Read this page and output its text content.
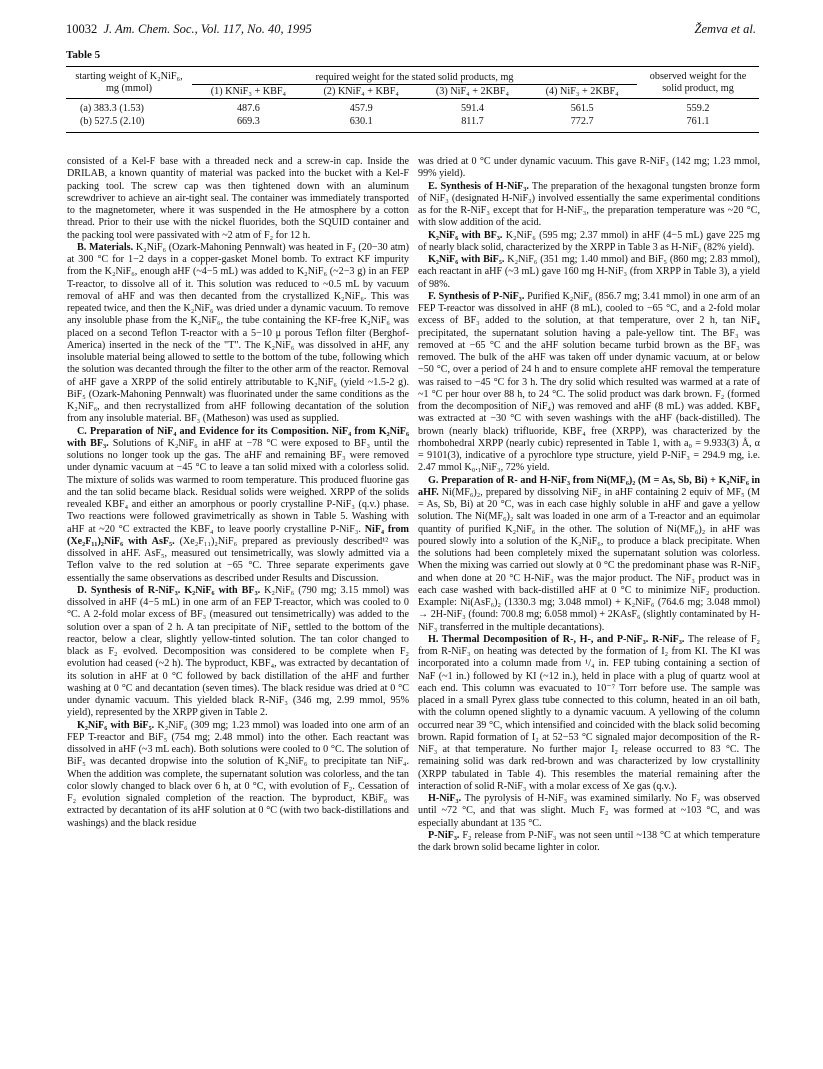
10032 J. Am. Chem. Soc., Vol. 117, No. 40, 1995	Žemva et al.
Table 5
starting weight of K₂NiF₆, mg (mmol)	required weight for the stated solid products, mg				observed weight for the solid product, mg
	(1) KNiF₃ + KBF₄	(2) KNiF₄ + KBF₄	(3) NiF₄ + 2KBF₄	(4) NiF₃ + 2KBF₄	
(a) 383.3 (1.53)	487.6	457.9	591.4	561.5	559.2
(b) 527.5 (2.10)	669.3	630.1	811.7	772.7	761.1

consisted of a Kel-F base with a threaded neck and a screw-in cap. Inside the DRILAB, a known quantity of material was packed into the bucket with a Kel-F packing tool. The screw cap was then tightened down with an aluminum screwdriver to achieve an air-tight seal. The container was immediately transported to the magnetometer, where it was suspended in the He atmosphere by a cotton thread. Prior to their use with the nickel fluorides, both the SQUID container and the packing tool were passivated with ~2 atm of F₂ for 12 h.

B. Materials. K₂NiF₆ (Ozark-Mahoning Pennwalt) was heated in F₂ (20−30 atm) at 300 °C for 1−2 days in a copper-gasket Monel bomb. To extract KF impurity from the K₂NiF₆, enough aHF (~4−5 mL) was added to K₂NiF₆ (~2−3 g) in an FEP T-reactor, to dissolve all of it. This solution was reduced to ~0.5 mL by vacuum removal of aHF and was then decanted from the crystallized K₂NiF₆. This was repeated twice, and then the K₂NiF₆ was dried under a dynamic vacuum. To remove any insoluble phase from the K₂NiF₆, the tube containing the KF-free K₂NiF₆ was placed on a second Teflon T-reactor with a 5−10 μ porous Teflon filter (Berghof-America) inserted in the neck of the "T". The K₂NiF₆ was dissolved in aHF, any insoluble material being allowed to settle to the bottom of the tube, following which the solution was decanted through the filter to the other arm of the reactor. Removal of aHF gave a XRPP of the solid entirely attributable to K₂NiF₆ (yield ~1.5-2 g). BiF₅ (Ozark-Mahoning Pennwalt) was fluorinated under the same conditions as the K₂NiF₆, and then recrystallized from aHF following decantation of the solution from any insoluble material. BF₃ (Matheson) was used as supplied.

C. Preparation of NiF₄ and Evidence for its Composition. NiF₄ from K₂NiF₆ with BF₃. Solutions of K₂NiF₆ in aHF at −78 °C were exposed to BF₃ until the solutions no longer took up the gas. The aHF and remaining BF₃ were removed under dynamic vacuum at −45 °C to leave a tan solid mixed with a colorless solid. The mixture of solids was warmed to room temperature. This produced fluorine gas and the tan solid became black. Residual solids were weighed. XRPP of the solids revealed KBF₄ and either an amorphous or poorly crystalline P-NiF₃ (q.v.) phase. Two reactions were followed gravimetrically as shown in Table 5. Washing with aHF at ~20 °C extracted the KBF₄ to leave poorly crystalline P-NiF₃. NiF₄ from (Xe₂F₁₁)₂NiF₆ with AsF₅. (Xe₂F₁₁)₂NiF₆ prepared as previously described¹² was dissolved in aHF. AsF₅, measured out tensimetrically, was slowly admitted via a Teflon valve to the red solution at −65 °C. Three separate experiments gave essentially the same observations as described under Results and Discussion.

D. Synthesis of R-NiF₃. K₂NiF₆ with BF₃. K₂NiF₆ (790 mg; 3.15 mmol) was dissolved in aHF (4−5 mL) in one arm of an FEP T-reactor, which was cooled to 0 °C. A 2-fold molar excess of BF₃ (measured out tensimetrically) was added to the solution over a span of 2 h. A tan precipitate of NiF₄ settled to the bottom of the reactor, below a clear, slightly yellow-tinted solution. The tan color changed to black as F₂ evolved. Decomposition was considered to be complete when F₂ evolution had ceased (~2 h). The byproduct, KBF₄, was extracted by decantation of its solution in aHF at 0 °C followed by back distillation of the aHF and further washing at 0 °C and decantation (seven times). The black residue was dried at 0 °C under dynamic vacuum. This yielded black R-NiF₃ (346 mg, 2.99 mmol, 95% yield), represented by the XRPP given in Table 2.

K₂NiF₆ with BiF₅. K₂NiF₆ (309 mg; 1.23 mmol) was loaded into one arm of an FEP T-reactor and BiF₅ (754 mg; 2.48 mmol) into the other. Each reactant was dissolved in aHF (~3 mL each). Both solutions were cooled to 0 °C. The solution of BiF₅ was decanted dropwise into the solution of K₂NiF₆ to precipitate tan NiF₄. When the addition was complete, the supernatant solution was colorless, and the tan color slowly changed to black over 6 h, at 0 °C, with evolution of F₂. Cessation of F₂ evolution signaled completion of the reaction. The byproduct, KBiF₆ was extracted by decantation of its aHF solution at 0 °C (with two back-distillations and washings) and the black residue

was dried at 0 °C under dynamic vacuum. This gave R-NiF₃ (142 mg; 1.23 mmol, 99% yield).

E. Synthesis of H-NiF₃. The preparation of the hexagonal tungsten bronze form of NiF₃ (designated H-NiF₃) involved essentially the same experimental conditions as for the R-NiF₃ except that for H-NiF₃, the preparation temperature was ~20 °C, with slow addition of the acid.

K₂NiF₆ with BF₃. K₂NiF₆ (595 mg; 2.37 mmol) in aHF (4−5 mL) gave 225 mg of nearly black solid, characterized by the XRPP in Table 3 as H-NiF₃ (82% yield).

K₂NiF₆ with BiF₅. K₂NiF₆ (351 mg; 1.40 mmol) and BiF₅ (860 mg; 2.83 mmol), each reactant in aHF (~3 mL) gave 160 mg H-NiF₃ (from XRPP in Table 3), a yield of 98%.

F. Synthesis of P-NiF₃. Purified K₂NiF₆ (856.7 mg; 3.41 mmol) in one arm of an FEP T-reactor was dissolved in aHF (8 mL), cooled to −65 °C, and a 2-fold molar excess of BF₃ added to the solution, at that temperature, over 2 h, tan NiF₄ precipitated, the supernatant solution having a pale-yellow tint. The BF₃ was removed at −65 °C and the aHF solution became turbid brown as the BF₃ was removed. The bulk of the aHF was taken off under dynamic vacuum, at or below −50 °C, over a period of 24 h and to ensure complete aHF removal the temperature was raised to −45 °C for 3 h. The dry solid which resulted was warmed at a rate of ~1 °C per hour over 88 h, to 24 °C. The solid product was dark brown. F₂ (formed from the decomposition of NiF₄) was removed and aHF (8 mL) was added. KBF₄ was extracted at −30 °C with seven washings with the aHF (back-distilled). The brown (nearly black) trifluoride, KBF₄ free (XRPP), was characterized by the rhombohedral XRPP (nearly cubic) represented in Table 1, with a₀ = 9.933(3) Å, α = 9101(3), indicative of a pyrochlore type structure, yield P-NiF₃ = 294.9 mg, i.e. 2.47 mmol K₀.₁NiF₃, 72% yield.

G. Preparation of R- and H-NiF₃ from Ni(MF₆)₂ (M = As, Sb, Bi) + K₂NiF₆ in aHF. Ni(MF₆)₂, prepared by dissolving NiF₂ in aHF containing 2 equiv of MF₅ (M = As, Sb, Bi) at 20 °C, was in each case highly soluble in aHF and gave a yellow solution. The Ni(MF₆)₂ salt was loaded in one arm of a T-reactor and an equimolar quantity of purified K₂NiF₆ in the other. The solution of Ni(MF₆)₂ in aHF was poured slowly into a solution of the K₂NiF₆, to produce a black precipitate. When the solutions had been completely mixed the supernatant solution was colorless. When the mixing was carried out slowly at 0 °C the predominant phase was R-NiF₃ and when done at 20 °C H-NiF₃ was the major product. The NiF₃ product was in each case washed with back-distilled aHF at 0 °C to minimize NiF₂ production. Example: Ni(AsF₆)₂ (1330.3 mg; 3.048 mmol) + K₂NiF₆ (764.6 mg; 3.048 mmol) → 2H-NiF₃ (found: 700.8 mg; 6.058 mmol) + 2KAsF₆ (slightly contaminated by H-NiF₃ transferred in the multiple decantations).

H. Thermal Decomposition of R-, H-, and P-NiF₃. R-NiF₃. The release of F₂ from R-NiF₃ on heating was detected by the formation of I₂ from KI. The KI was incorporated into a column made from ¹/₄ in. FEP tubing containing a section of NaF (~1 in.) followed by KI (~12 in.), held in place with a plug of quartz wool at each end. This column was evacuated to 10⁻⁷ Torr before use. The sample was placed in a small Pyrex glass tube connected to this column, heated in an oil bath, with the column opened slightly to a dynamic vacuum. A yellowing of the column occurred near 39 °C, which intensified and coincided with the black solid becoming brown. Rapid formation of I₂ at 52−53 °C signaled major decomposition of the R-NiF₃ at that temperature. No further major I₂ release occurred to 83 °C. The remaining solid was dark red-brown and was characterized by low crystallinity (XRPP tabulated in Table 4). This resembles the material remaining after the interaction of solid R-NiF₃ with a molar excess of Xe gas (q.v.).

H-NiF₃. The pyrolysis of H-NiF₃ was examined similarly. No F₂ was observed until ~72 °C, and that was slight. Much F₂ was formed at ~103 °C, and was especially abundant at 135 °C.

P-NiF₃. F₂ release from P-NiF₃ was not seen until ~138 °C at which temperature the dark brown solid became lighter in color.
